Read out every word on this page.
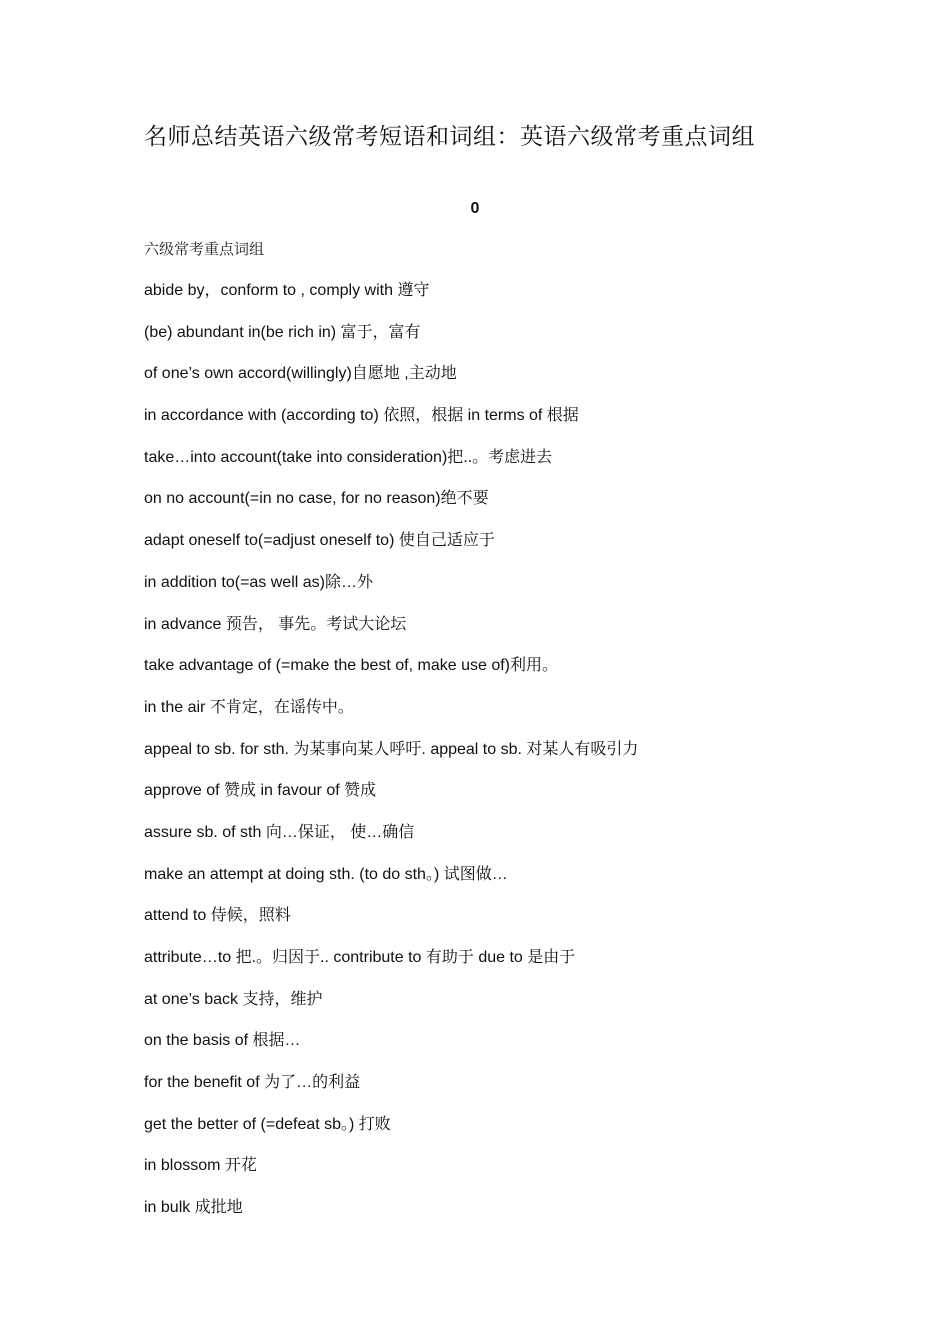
名师总结英语六级常考短语和词组：英语六级常考重点词组
0
六级常考重点词组
abide by，conform to , comply with 遵守
(be) abundant in(be rich in) 富于，富有
of one’s own accord(willingly)自愿地 ,主动地
in accordance with (according to) 依照，根据 in terms of 根据
take…into account(take into consideration)把..。考虑进去
on no account(=in no case, for no reason)绝不要
adapt oneself to(=adjust oneself to) 使自己适应于
in addition to(=as well as)除…外
in advance 预告， 事先。考试大论坛
take advantage of (=make the best of, make use of)利用。
in the air 不肯定，在谣传中。
appeal to sb. for sth. 为某事向某人呼吁. appeal to sb. 对某人有吸引力
approve of 赞成 in favour of 赞成
assure sb. of sth 向…保证， 使…确信
make an attempt at doing sth. (to do sth。) 试图做…
attend to 侍候，照料
attribute…to 把.。归因于.. contribute to 有助于 due to 是由于
at one’s back 支持，维护
on the basis of 根据…
for the benefit of 为了…的利益
get the better of (=defeat sb。) 打败
in blossom 开花
in bulk 成批地
